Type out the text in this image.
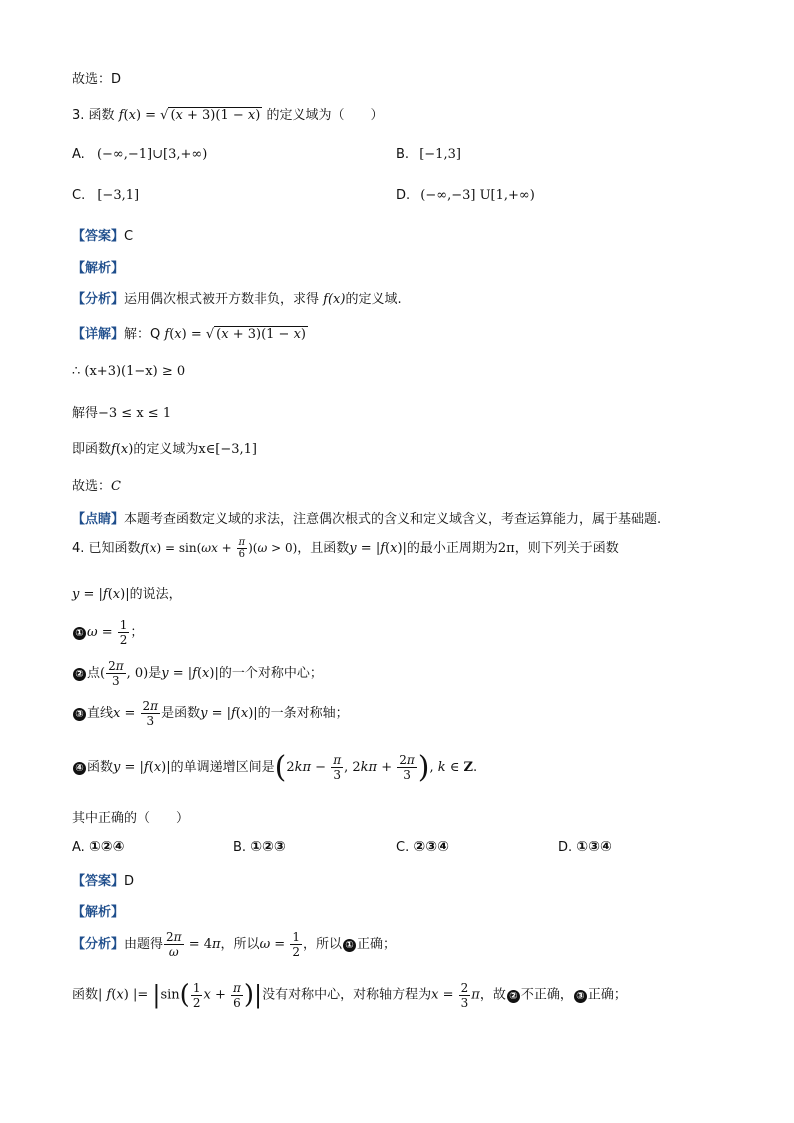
故选：D
3. 函数 f(x) = √ (x + 3)(1 − x) 的定义域为（　　）
A. (−∞,−1]∪[3,+∞)	B. [−1,3]
C. [−3,1]	D. (−∞,−3] U[1,+∞)
【答案】C
【解析】
【分析】运用偶次根式被开方数非负，求得 f(x)的定义域.
【详解】解：Q f(x) = √ (x + 3)(1 − x)
∴ (x+3)(1−x) ≥ 0
解得−3 ≤ x ≤ 1
即函数f(x)的定义域为x∈[−3,1]
故选：C
【点睛】本题考查函数定义域的求法，注意偶次根式的含义和定义域含义，考查运算能力，属于基础题.
4. 已知函数$f(x) = \sin(\omega x + \frac{\pi}{6} )(\omega > 0)$，且函数y = |f(x)|的最小正周期为2π，则下列关于函数
y = |f(x)|的说法，
① $\omega = \frac{1}{2}$ ；
② 点( $\frac{2\pi}{3}$ , 0)是y = |f(x)|的一个对称中心；
③ 直线$x = \frac{2\pi}{3}$ 是函数y = |f(x)|的一条对称轴；
④ 函数y = |f(x)|的单调递增区间是($2k\pi - \frac{\pi}{3}$ , $2k\pi + \frac{2\pi}{3}$ ), k ∈ Z.
其中正确的（　　）
A. ①②④	B. ①②③	C. ②③④	D. ①③④
【答案】D
【解析】
【分析】由题得 $\frac{2\pi}{\omega} = 4\pi$，所以$\omega = \frac{1}{2}$ ，所以 ① 正确；
函数| f(x) |= $|\sin( \frac{1}{2}$ $x + \frac{\pi}{6}$ )|没有对称中心，对称轴方程为$x = \frac{2}{3}$ π，故 ② 不正确， ③ 正确；
